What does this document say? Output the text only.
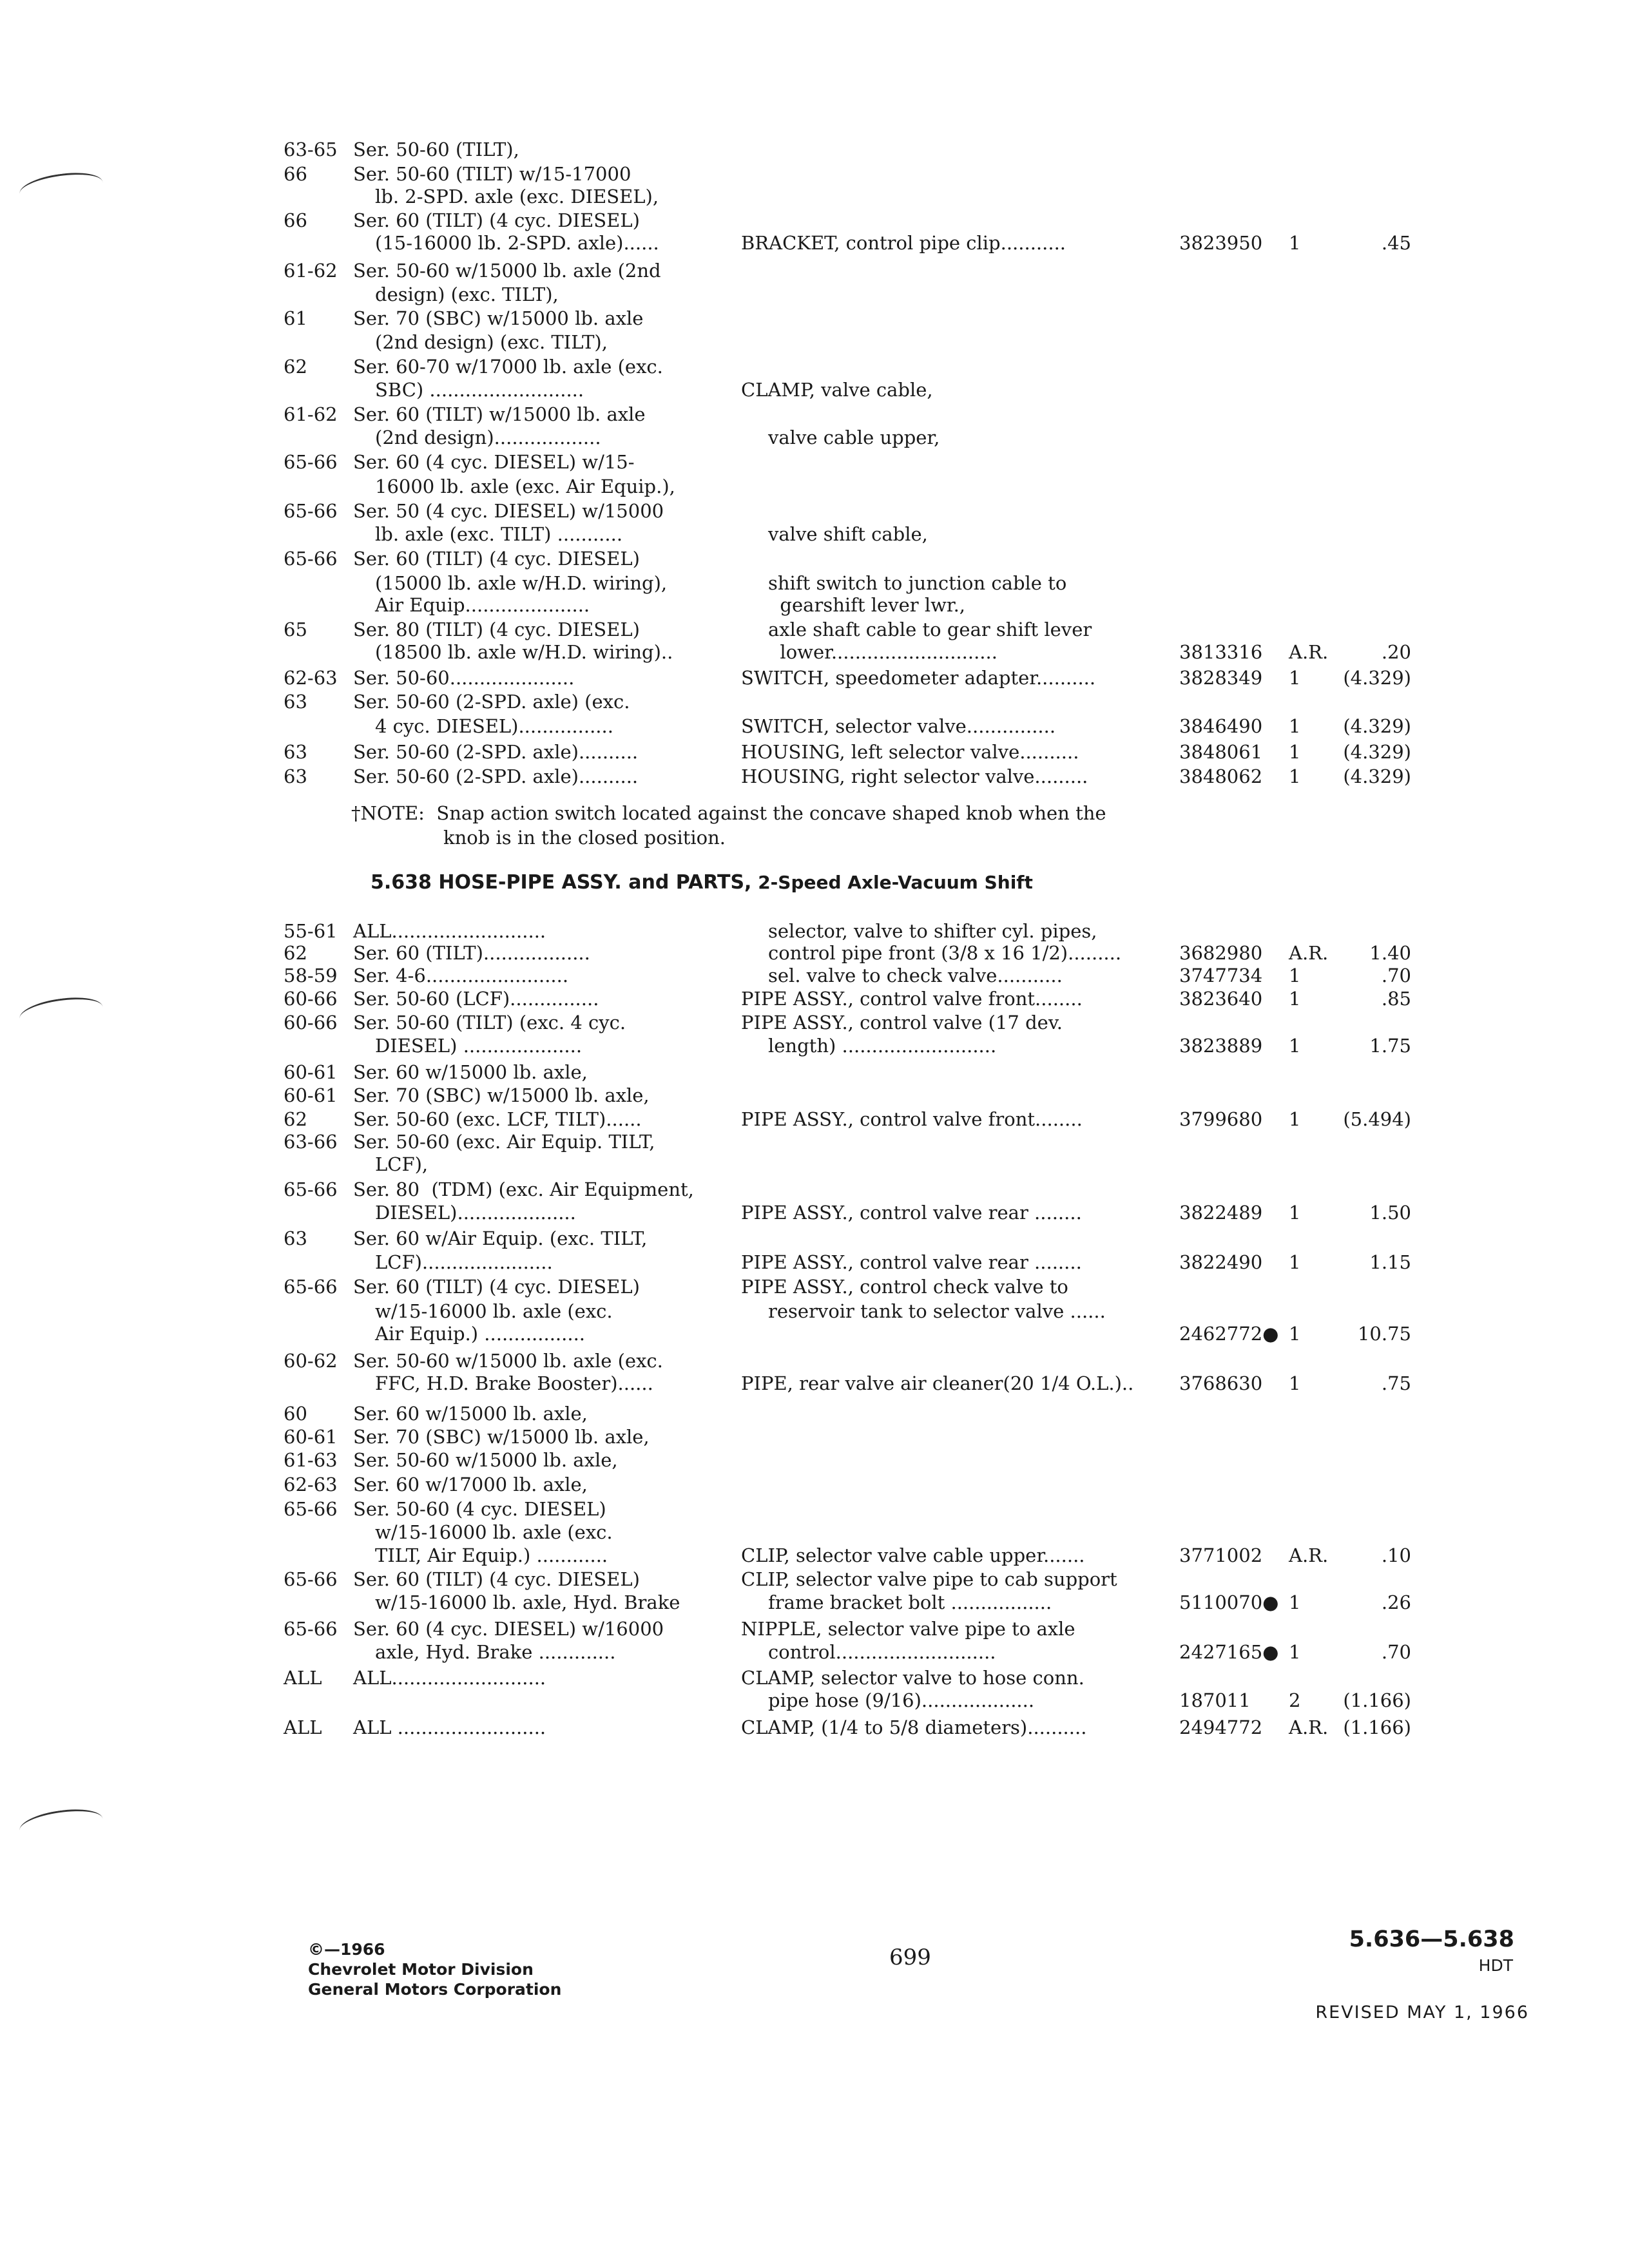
63-65 Ser. 50-60 (TILT),
66 Ser. 50-60 (TILT) w/15-17000
lb. 2-SPD. axle (exc. DIESEL),
66 Ser. 60 (TILT) (4 cyc. DIESEL)
(15-16000 lb. 2-SPD. axle)......	BRACKET, control pipe clip...........	3823950 1	.45
61-62 Ser. 50-60 w/15000 lb. axle (2nd
design) (exc. TILT),
61 Ser. 70 (SBC) w/15000 lb. axle
(2nd design) (exc. TILT),
62 Ser. 60-70 w/17000 lb. axle (exc.
SBC) ..........................	CLAMP, valve cable,
61-62 Ser. 60 (TILT) w/15000 lb. axle
(2nd design)..................	valve cable upper,
65-66 Ser. 60 (4 cyc. DIESEL) w/15-
16000 lb. axle (exc. Air Equip.),
65-66 Ser. 50 (4 cyc. DIESEL) w/15000
lb. axle (exc. TILT) ...........	valve shift cable,
65-66 Ser. 60 (TILT) (4 cyc. DIESEL)
(15000 lb. axle w/H.D. wiring),	shift switch to junction cable to
Air Equip.....................	gearshift lever lwr.,
65 Ser. 80 (TILT) (4 cyc. DIESEL)	axle shaft cable to gear shift lever
(18500 lb. axle w/H.D. wiring)..	lower............................	3813316 A.R.	.20
62-63 Ser. 50-60.....................	SWITCH, speedometer adapter..........	3828349 1 (4.329)
63 Ser. 50-60 (2-SPD. axle) (exc.
4 cyc. DIESEL)................	SWITCH, selector valve...............	3846490 1 (4.329)
63 Ser. 50-60 (2-SPD. axle)..........	HOUSING, left selector valve..........	3848061 1 (4.329)
63 Ser. 50-60 (2-SPD. axle)..........	HOUSING, right selector valve.........	3848062 1 (4.329)
†NOTE:  Snap action switch located against the concave shaped knob when the
knob is in the closed position.
5.638 HOSE-PIPE ASSY. and PARTS, 2-Speed Axle-Vacuum Shift
55-61 ALL..........................	selector, valve to shifter cyl. pipes,
62 Ser. 60 (TILT)..................	control pipe front (3/8 x 16 1/2).........	3682980 A.R. 1.40
58-59 Ser. 4-6........................	sel. valve to check valve...........	3747734 1	.70
60-66 Ser. 50-60 (LCF)...............	PIPE ASSY., control valve front........	3823640 1	.85
60-66 Ser. 50-60 (TILT) (exc. 4 cyc.	PIPE ASSY., control valve (17 dev.
DIESEL) ....................	length) ..........................	3823889 1	1.75
60-61 Ser. 60 w/15000 lb. axle,
60-61 Ser. 70 (SBC) w/15000 lb. axle,
62 Ser. 50-60 (exc. LCF, TILT)......	PIPE ASSY., control valve front........	3799680 1 (5.494)
63-66 Ser. 50-60 (exc. Air Equip. TILT,
LCF),
65-66 Ser. 80  (TDM) (exc. Air Equipment,
DIESEL)....................	PIPE ASSY., control valve rear ........	3822489 1	1.50
63 Ser. 60 w/Air Equip. (exc. TILT,
LCF)......................	PIPE ASSY., control valve rear ........	3822490 1	1.15
65-66 Ser. 60 (TILT) (4 cyc. DIESEL)	PIPE ASSY., control check valve to
w/15-16000 lb. axle (exc.	reservoir tank to selector valve ......
Air Equip.) .................	2462772● 1	10.75
60-62 Ser. 50-60 w/15000 lb. axle (exc.
FFC, H.D. Brake Booster)......	PIPE, rear valve air cleaner(20 1/4 O.L.).. 3768630 1	.75
60 Ser. 60 w/15000 lb. axle,
60-61 Ser. 70 (SBC) w/15000 lb. axle,
61-63 Ser. 50-60 w/15000 lb. axle,
62-63 Ser. 60 w/17000 lb. axle,
65-66 Ser. 50-60 (4 cyc. DIESEL)
w/15-16000 lb. axle (exc.
TILT, Air Equip.) ............	CLIP, selector valve cable upper.......	3771002 A.R.	.10
65-66 Ser. 60 (TILT) (4 cyc. DIESEL)	CLIP, selector valve pipe to cab support
w/15-16000 lb. axle, Hyd. Brake	frame bracket bolt .................	5110070● 1	.26
65-66 Ser. 60 (4 cyc. DIESEL) w/16000	NIPPLE, selector valve pipe to axle
axle, Hyd. Brake .............	control...........................	2427165● 1	.70
ALL ALL..........................	CLAMP, selector valve to hose conn.
pipe hose (9/16)...................	187011 2 (1.166)
ALL ALL .........................	CLAMP, (1/4 to 5/8 diameters)..........	2494772 A.R. (1.166)
©—1966
Chevrolet Motor Division
General Motors Corporation
699
5.636—5.638
HDT
REVISED MAY 1, 1966
